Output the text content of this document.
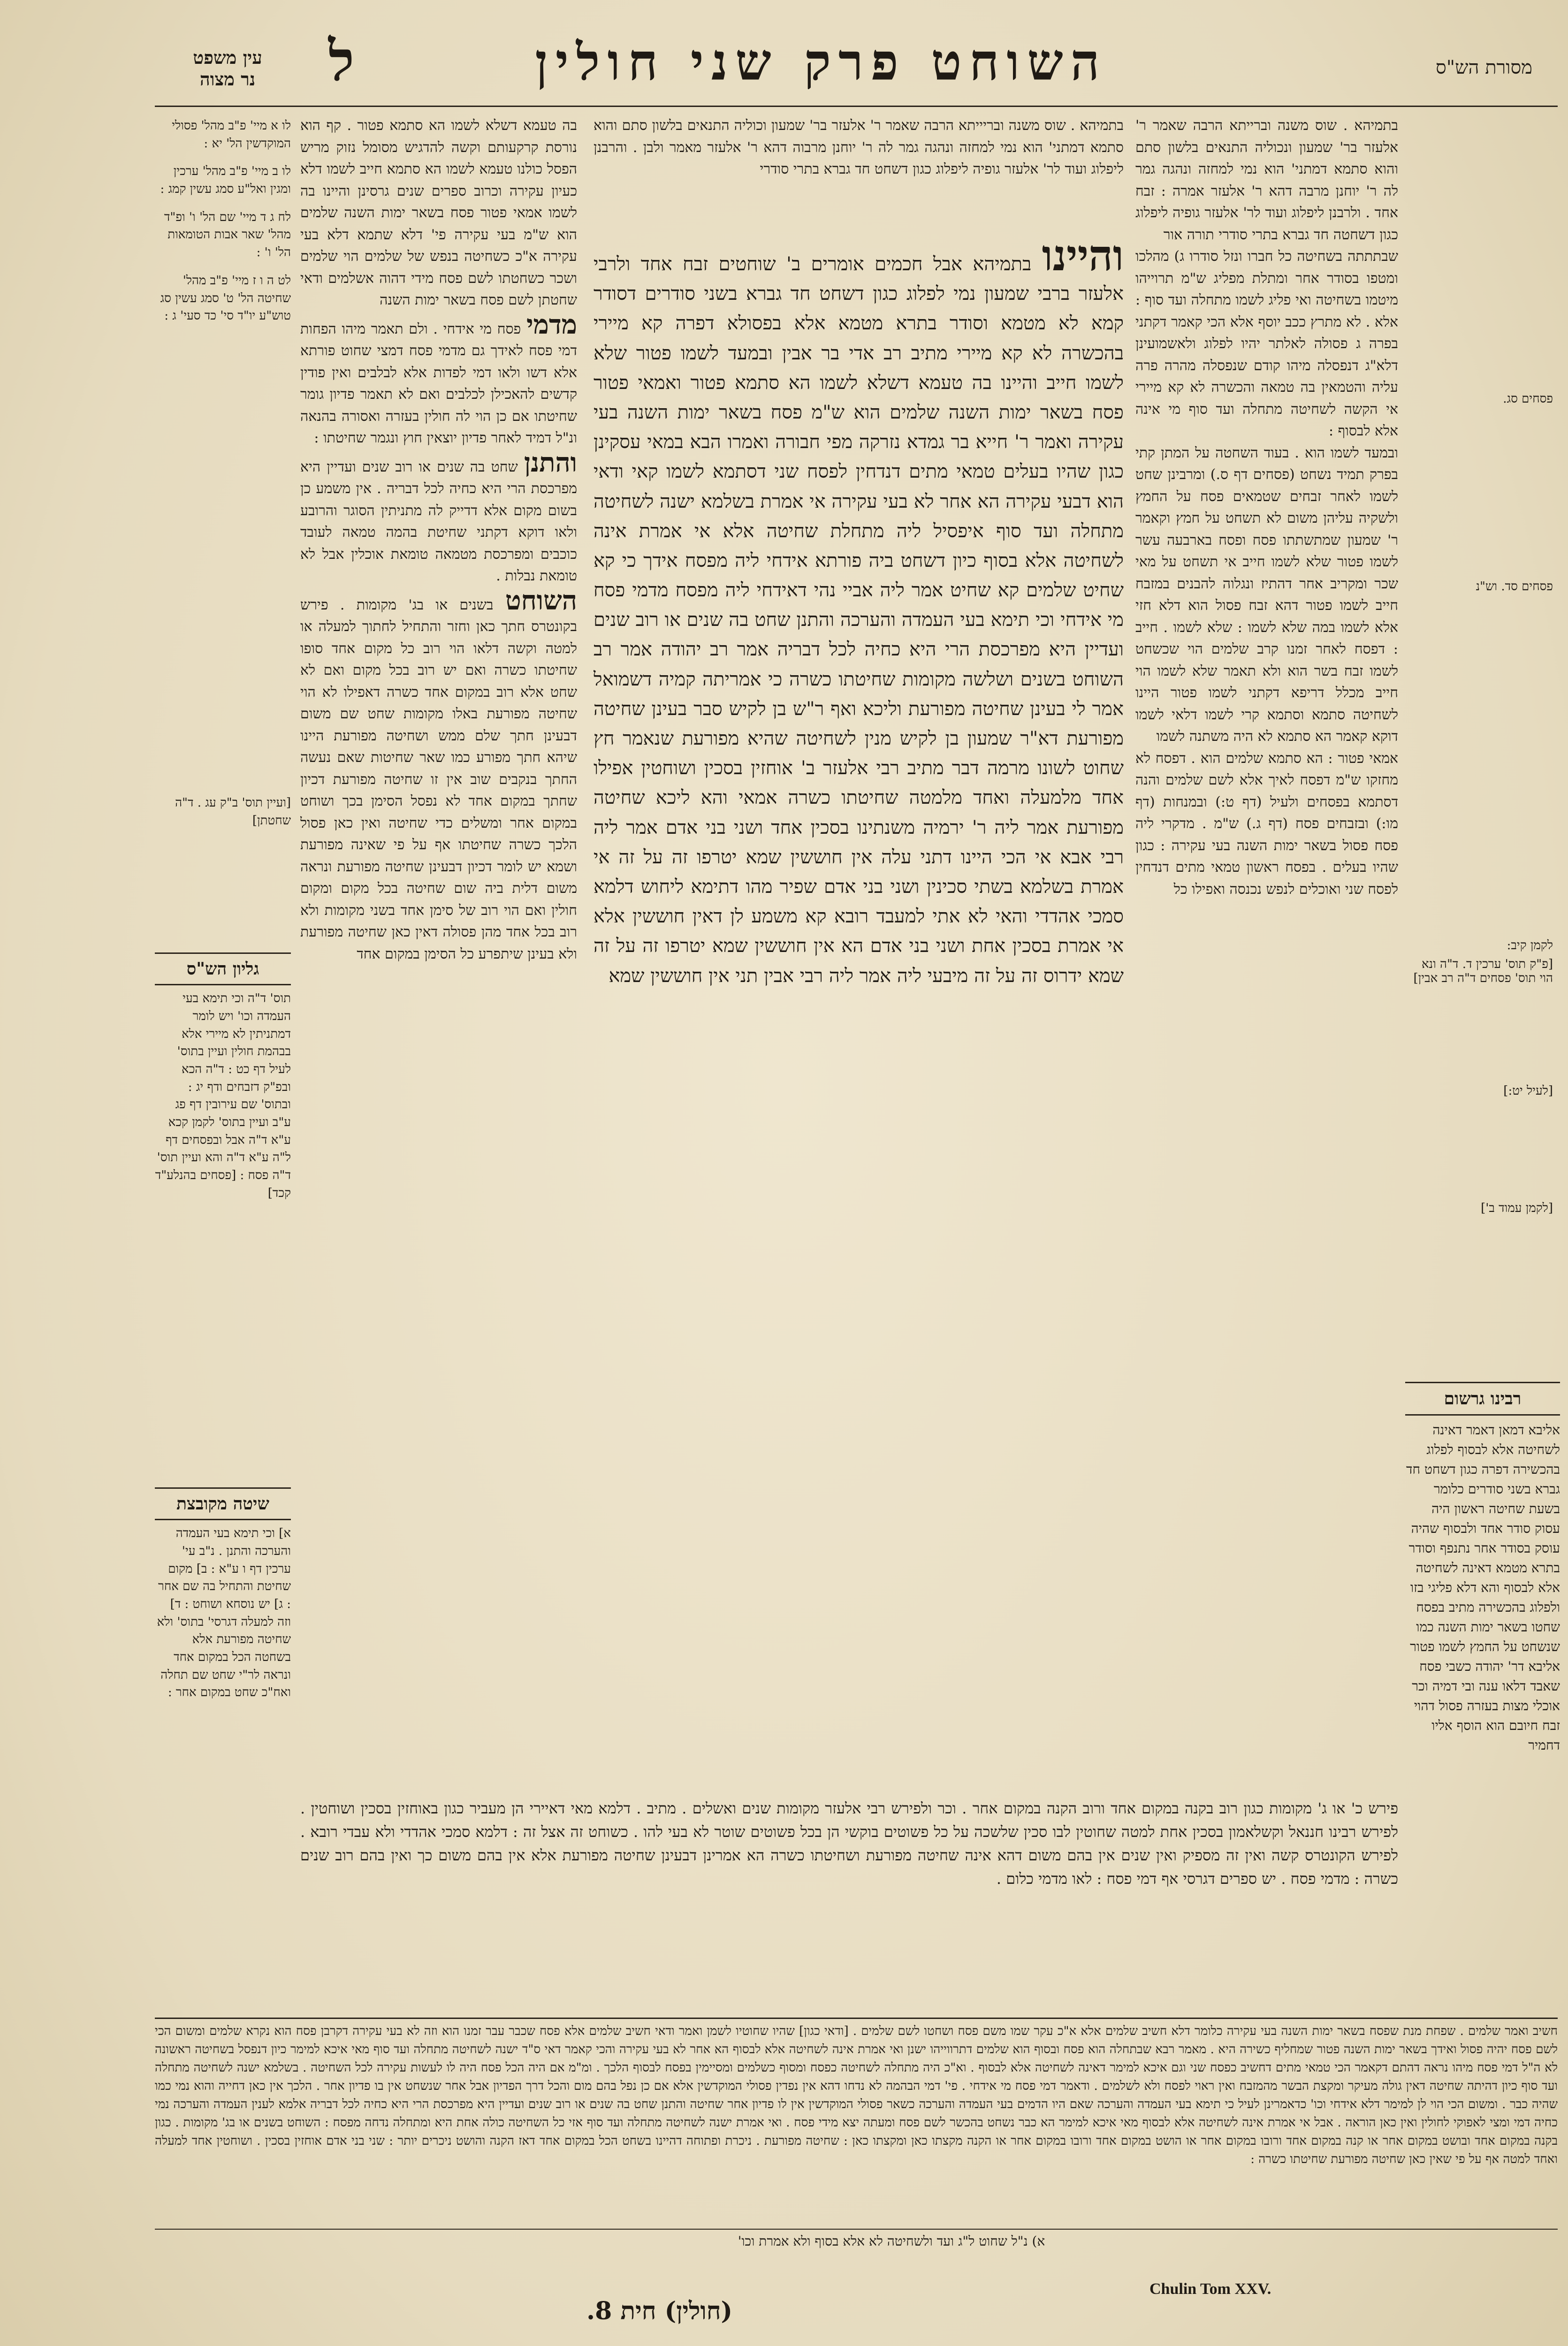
מסורת הש"ס
השוחט פרק שני חולין
ל
עין משפט
נר מצוה
בתמיהא . שוס משנה ובריייתא הרבה שאמר ר' אלעזר בר' שמעון וכוליה התנאים בלשון סתם והוא סתמא דמתני' הוא נמי למחזה ונהגה גמר לה ר' יוחנן מרבוה דהא ר' אלעזר מאמר ולבן . והרבנן ליפלוג ועוד לר' אלעזר גופיה ליפלוג כגון דשחט חד גברא בתרי סודרי
והיינו בתמיהא אבל חכמים אומרים ב' שוחטים זבח אחד ולרבי אלעזר ברבי שמעון נמי לפלוג כגון דשחט חד גברא בשני סודרים דסודר קמא לא מטמא וסודר בתרא מטמא אלא בפסולא דפרה קא מיירי בהכשרה לא קא מיירי מתיב רב אדי בר אבין ובמעד לשמו פטור שלא לשמו חייב והיינו בה טעמא דשלא לשמו הא סתמא פטור ואמאי פטור פסח בשאר ימות השנה שלמים הוא ש"מ פסח בשאר ימות השנה בעי עקירה ואמר ר' חייא בר גמדא נזרקה מפי חבורה ואמרו הבא במאי עסקינן כגון שהיו בעלים טמאי מתים דנדחין לפסח שני דסתמא לשמו קאי ודאי הוא דבעי עקירה הא אחר לא בעי עקירה אי אמרת בשלמא ישנה לשחיטה מתחלה ועד סוף איפסיל ליה מתחלת שחיטה אלא אי אמרת אינה לשחיטה אלא בסוף כיון דשחט ביה פורתא אידחי ליה מפסח אידך כי קא שחיט שלמים קא שחיט אמר ליה אביי נהי דאידחי ליה מפסח מדמי פסח מי אידחי וכי תימא בעי העמדה והערכה והתנן שחט בה שנים או רוב שנים ועדיין היא מפרכסת הרי היא כחיה לכל דבריה אמר רב יהודה אמר רב השוחט בשנים ושלשה מקומות שחיטתו כשרה כי אמריתה קמיה דשמואל אמר לי בעינן שחיטה מפורעת וליכא ואף ר"ש בן לקיש סבר בעינן שחיטה מפורעת דא"ר שמעון בן לקיש מנין לשחיטה שהיא מפורעת שנאמר חץ שחוט לשונו מרמה דבר מתיב רבי אלעזר ב' אוחזין בסכין ושוחטין אפילו אחד מלמעלה ואחד מלמטה שחיטתו כשרה אמאי והא ליכא שחיטה מפורעת אמר ליה ר' ירמיה משנתינו בסכין אחד ושני בני אדם אמר ליה רבי אבא אי הכי היינו דתני עלה אין חוששין שמא יטרפו זה על זה אי אמרת בשלמא בשתי סכינין ושני בני אדם שפיר מהו דתימא ליחוש דלמא סמכי אהדדי והאי לא אתי למעבד רובא קא משמע לן דאין חוששין אלא אי אמרת בסכין אחת ושני בני אדם הא אין חוששין שמא יטרפו זה על זה שמא ידרוס זה על זה מיבעי ליה אמר ליה רבי אבין תני אין חוששין שמא

בתמיהא . שוס משנה וברייתא הרבה שאמר ר' אלעזר בר' שמעון ונכוליה התנאים בלשון סתם והוא סתמא דמתני' הוא נמי למחזה ונהגה גמר לה ר' יוחנן מרבה דהא ר' אלעזר אמרה : זבח אחד . ולרבנן ליפלוג ועוד לר' אלעזר גופיה ליפלוג כגון דשחטה חד גברא בתרי סודרי תורה אור

שבתתתה בשחיטה כל חברו ונזל סודרו ג) מהלכו ומטפו בסודר אחר ומתלת מפליג ש"מ תרוייהו מיטמו בשחיטה ואי פליג לשמו מתחלה ועד סוף : אלא . לא מתרץ ככב יוסף אלא הכי קאמר דקתני בפרה ג פסולה לאלתר יהיו לפלוג ולאשמועינן דלא"ג דנפסלה מיהו קודם שנפסלה מהרה פרה עליה והטמאין בה טמאה והכשרה לא קא מיירי אי הקשה לשחיטה מתחלה ועד סוף מי אינה אלא לבסוף :

ובמעד לשמו הוא . בעוד השחטה על המתן קתי בפרק תמיד נשחט (פסחים דף ס.) ומרבינן שחט לשמו לאחר זבחים שטמאים פסח על החמץ ולשקיה עליהן משום לא תשחט על חמץ וקאמר ר' שמעון שמתשתתו פסח ופסח בארבעה עשר לשמו פטור שלא לשמו חייב אי תשחט על מאי שכר ומקריב אחר דהתיז ונגלוה להבנים במזבח חייב לשמו פטור דהא זבח פסול הוא דלא חזי אלא לשמו במה שלא לשמו : שלא לשמו . חייב : דפסח לאחר זמנו קרב שלמים הוי שכשחט לשמו זבח בשר הוא ולא תאמר שלא לשמו הוי חייב מכלל דריפא דקתני לשמו פטור היינו לשחיטה סתמא וסתמא קרי לשמו דלאי לשמו דוקא קאמר הא סתמא לא היה משתנה לשמו

אמאי פטור : הא סתמא שלמים הוא . דפסח לא מחזקו ש"מ דפסח לאיך אלא לשם שלמים והנה דסתמא בפסחים ולעיל (דף ט:) ובמנחות (דף מו:) ובזבחים פסח (דף ג.) ש"מ . מדקרי ליה פסח פסול בשאר ימות השנה בעי עקירה : כגון שהיו בעלים . בפסח ראשון טמאי מתים דנדחין לפסח שני ואוכלים לנפש נכנסה ואפילו כל

בה טעמא דשלא לשמו הא סתמא פטור . קף הוא נורסת קרקעותם וקשה להדגיש מסומל נזוק מריש הפסל כולנו טעמא לשמו הא סתמא חייב לשמו דלא כעיון עקירה וכרוב ספרים שנים גרסינן והיינו בה לשמו אמאי פטור פסח בשאר ימות השנה שלמים הוא ש"מ בעי עקירה פי' דלא שתמא דלא בעי עקירה א"כ כשחיטה בנפש של שלמים הוי שלמים ושכר כשחטתו לשם פסח מידי דהוה אשלמים ודאי שחטתן לשם פסח בשאר ימות השנה

מדמי פסח מי אידחי . ולם תאמר מיהו הפחות דמי פסח לאידך גם מדמי פסח דמצי שחוט פורתא אלא דשו ולאו דמי לפדות אלא לבלבים ואין פודין קדשים להאכילן לכלבים ואם לא תאמר פדיון גומר שחיטתו אם כן הוי לה חולין בעזרה ואסורה בהנאה ונ"ל דמיד לאחר פדיון יוצאין חוץ ונגמר שחיטתו :

והתנן שחט בה שנים או רוב שנים ועדיין היא מפרכסת הרי היא כחיה לכל דבריה . אין משמע כן בשום מקום אלא דדייק לה מתניתין הסוגר והרובע ולאו דוקא דקתני שחיטת בהמה טמאה לעובד כוכבים ומפרכסת מטמאה טומאת אוכלין אבל לא טומאת נבלות .

השוחט בשנים או בג' מקומות . פירש בקונטרס חתך כאן וחזר והתחיל לחתוך למעלה או למטה וקשה דלאו הוי רוב כל מקום אחד סופו שחיטתו כשרה ואם יש רוב בכל מקום ואם לא שחט אלא רוב במקום אחד כשרה דאפילו לא הוי שחיטה מפורעת באלו מקומות שחט שם משום דבעינן חתך שלם ממש ושחיטה מפורעת היינו שיהא חתך מפורע כמו שאר שחיטות שאם נעשה החתך בנקבים שוב אין זו שחיטה מפורעת דכיון שחתך במקום אחד לא נפסל הסימן בכך ושוחט במקום אחר ומשלים כדי שחיטה ואין כאן פסול הלכך כשרה שחיטתו אף על פי שאינה מפורעת ושמא יש לומר דכיון דבעינן שחיטה מפורעת ונראה משום דלית ביה שום שחיטה בכל מקום ומקום חולין ואם הוי רוב של סימן אחד בשני מקומות ולא רוב בכל אחד מהן פסולה דאין כאן שחיטה מפורעת ולא בעינן שיתפרע כל הסימן במקום אחד

פירש כ' או ג' מקומות כגון רוב בקנה במקום אחד ורוב הקנה במקום אחר . וכר ולפירש רבי אלעזר מקומות שנים ואשלים . מתיב . דלמא מאי דאיירי הן מעביר כגון באוחזין בסכין ושוחטין . לפירש רבינו חננאל וקשלאמון בסכין אחת למטה שחוטין לבו סכין שלשכה על כל פשוטים בוקשי הן בכל פשוטים שוטר לא בעי להו . כשוחט זה אצל זה : דלמא סמכי אהדדי ולא עבדי רובא . לפירש הקונטרס קשה ואין זה מספיק ואין שנים אין בהם משום דהא אינה שחיטה מפורעת ושחיטתו כשרה הא אמרינן דבעינן שחיטה מפורעת אלא אין בהם משום כך ואין בהם רוב שנים כשרה : מדמי פסח . יש ספרים דגרסי אף דמי פסח : לאו מדמי כלום .
לו א מיי' פ"ב מהל' פסולי המוקדשין הל' יא :
לו ב מיי' פ"ב מהל' ערכין ומגין ואל"ע סמג עשין קמג :
לח ג ד מיי' שם הל' ו' ופ"ד מהל' שאר אבות הטומאות הל' ו' :
לט ה ו ז מיי' פ"ב מהל' שחיטה הל' ט' סמג עשין סג טוש"ע יו"ד סי' כד סעי' ג :
[ועיין תוס' ב"ק עג . ד"ה שחטתן]
גליון הש"ס
תוס' ד"ה וכי תימא בעי העמדה וכו' ויש לומר דמתניתין לא מיירי אלא בבהמת חולין ועיין בתוס' לעיל דף כט : ד"ה הכא ובפ"ק דזבחים ודף יג : ובתוס' שם עירובין דף פג ע"ב ועיין בתוס' לקמן קכא ע"א ד"ה אבל ובפסחים דף ל"ה ע"א ד"ה והא ועיין תוס' ד"ה פסח : [פסחים בהנלע"ד קכד]
שיטה מקובצת
א] וכי תימא בעי העמדה והערכה והתנן . נ"ב עי' ערכין דף ו ע"א : ב] מקום שחיטת והתחיל בה שם אחר : ג] יש נוסחא ושוחט : ד] וזה למעלה דגרסי' בתוס' ולא שחיטה מפורעת אלא בשחטה הכל במקום אחד ונראה לר"י שחט שם תחלה ואח"כ שחט במקום אחר :
פסחים סג.
פסחים סד. וש"נ
לקמן קיב:
[פ"ק תוס' ערכין ד. ד"ה ונא הוי תוס' פסחים ד"ה רב אבין]
[לעיל יט:]
[לקמן עמוד ב']
רבינו גרשום
אליבא דמאן דאמר דאינה לשחיטה אלא לבסוף לפלוג בהכשירה דפרה כגון דשחט חד גברא בשני סודרים כלומר בשעת שחיטה ראשון היה עסוק סודר אחד ולבסוף שהיה עוסק בסודר אחר נתנפף וסודר בתרא מטמא דאינה לשחיטה אלא לבסוף והא דלא פליגי בזו ולפלוג בהכשירה מתיב בפסח שחטו בשאר ימות השנה כמו שנשחט על החמץ לשמו פטור אליבא דר' יהודה כשבי פסח שאבד דלאו ענה ובי דמיה וכר אוכלי מצות בעזרה פסול דהוי זבח חיובם הוא הוסף אליו דחמיר
חשיב ואמר שלמים . שפחת מנת שפסח בשאר ימות השנה בעי עקירה כלומר דלא חשיב שלמים אלא א"כ עקר שמו משם פסח ושחטו לשם שלמים . [ודאי כגון] שהיו שחוטיו לשמן ואמר ודאי חשיב שלמים אלא פסח שכבר עבר זמנו הוא וזה לא בעי עקירה דקרבן פסח הוא נקרא שלמים ומשום הכי לשם פסח יהיה פסול ואידך בשאר ימות השנה פטור שמחליף כשירה היא . מאמר רבא שבתחלה הוא פסח ובסוף הוא שלמים דתרווייהו ישנן ואי אמרת אינה לשחיטה אלא לבסוף הא אחר לא בעי עקירה והכי קאמר דאי ס"ד ישנה לשחיטה מתחלה ועד סוף מאי איכא למימר כיון דנפסל בשחיטה ראשונה לא ה"ל דמי פסח מיהו נראה דהתם דקאמר הכי טמאי מתים דחשיב כפסח שני וגם איכא למימר דאינה לשחיטה אלא לבסוף . וא"כ היה מתחלה לשחיטה כפסח ומסוף כשלמים ומסיימין בפסח לבסוף הלכך . ומ"מ אם היה הכל פסח היה לו לעשות עקירה לכל השחיטה . בשלמא ישנה לשחיטה מתחלה ועד סוף כיון דהיתה שחיטה דאין גולה מעיקר ומקצת הבשר מהמזבח ואין ראוי לפסח ולא לשלמים . ודאמר דמי פסח מי אידחי . פי' דמי הבהמה לא נדחו דהא אין נפדין פסולי המוקדשין אלא אם כן נפל בהם מום והכל דרך הפדיון אבל אחר שנשחט אין בו פדיון אחר . הלכך אין כאן דחייה והוא נמי כמו שהיה כבר . ומשום הכי הוי לן למימר דלא אידחי וכו' כדאמרינן לעיל כי תימא בעי העמדה והערכה שאם היו הדמים בעי העמדה והערכה כשאר פסולי המוקדשין אין לו פדיון אחר שחיטה והתנן שחט בה שנים או רוב שנים ועדיין היא מפרכסת הרי היא כחיה לכל דבריה אלמא לענין העמדה והערכה נמי כחיה דמי ומצי לאפוקי לחולין ואין כאן הוראה . אבל אי אמרת אינה לשחיטה אלא לבסוף מאי איכא למימר הא כבר נשחט בהכשר לשם פסח ומעתה יצא מידי פסח . ואי אמרת ישנה לשחיטה מתחלה ועד סוף אזי כל השחיטה כולה אחת היא ומתחלה נדחה מפסח : השוחט בשנים או בג' מקומות . כגון בקנה במקום אחד ובושט במקום אחר או קנה במקום אחד ורובו במקום אחר או הושט במקום אחד ורובו במקום אחר או הקנה מקצתו כאן ומקצתו כאן : שחיטה מפורעת . ניכרת ופתוחה דהיינו בשחט הכל במקום אחד דאז הקנה והושט ניכרים יותר : שני בני אדם אוחזין בסכין . ושוחטין אחד למעלה ואחד למטה אף על פי שאין כאן שחיטה מפורעת שחיטתו כשרה :
א) נ"ל שחוט ל"ג ועד ולשחיטה לא אלא בסוף ולא אמרת וכו'
(חולין) חית 8.
Chulin Tom XXV.
